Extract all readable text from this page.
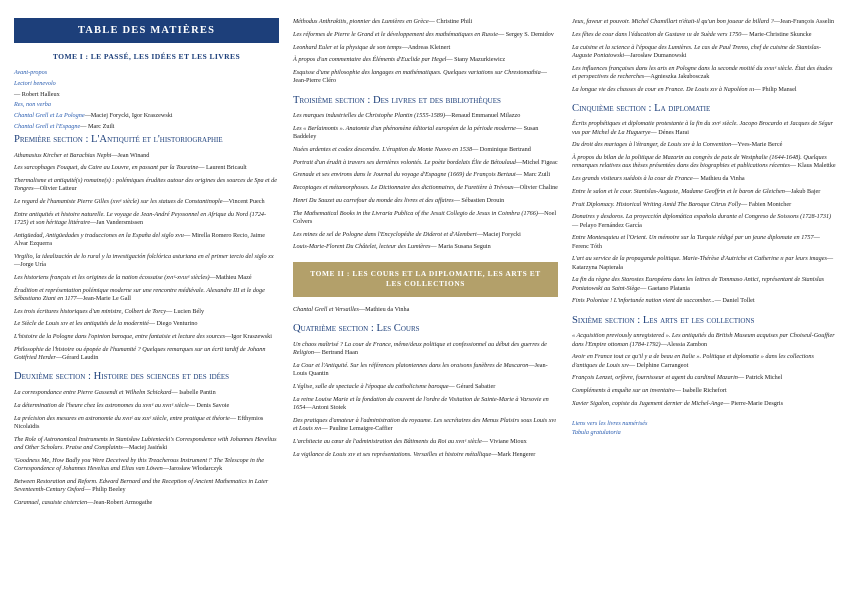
TABLE DES MATIÈRES
TOME I : LE PASSÉ, LES IDÉES ET LES LIVRES
Avant-propos
Lectori benevolo
— Robert Halleux
Res, non verba
Chantal Grell et La Pologne—Maciej Forycki, Igor Kraszewski
Chantal Grell et l'Espagne— Marc Zuili
Première section : L'Antiquité et l'historiographie
Athanasius Kircher et Barachias Nephi—Jean Winand
Les sarcophages Fouquet, du Caire au Louvre, en passant par la Touraine— Laurent Bricault
Thermalisme et antiquité(s) romaine(s) : polémiques érudites autour des origines des sources de Spa et de Tongres—Olivier Latteur
Le regard de l'humaniste Pierre Gilles (xvıᵉ siècle) sur les statues de Constantinople—Vincent Puech
Entre antiquités et histoire naturelle. Le voyage de Jean-André Peyssonnel en Afrique du Nord (1724-1725) et son héritage littéraire—Jan Vandersmissen
Antigüedad, Antigüedades y traducciones en la España del siglo xvıı— Mirella Romero Recio, Jaime Alvar Ezquerra
Virgilio, la idealización de lo rural y la investigación folclórica asturiana en el primer tercio del siglo xx—Jorge Uría
Les historiens français et les origines de la nation écossaise (xvıᵉ-xvıııᵉ siècles)—Mathieu Mazé
Érudition et représentation polémique moderne sur une rencontre médiévale. Alexandre III et le doge Sébastiano Ziani en 1177—Jean-Marie Le Gall
Les trois écritures historiques d'un ministre, Colbert de Torcy— Lucien Bély
Le Siècle de Louis xıv et les antiquités de la modernité— Diego Venturino
L'histoire de la Pologne dans l'opinion baroque, entre fantaisie et lecture des sources—Igor Kraszewski
Philosophie de l'histoire ou épopée de l'humanité ? Quelques remarques sur un écrit tardif de Johann Gottfried Herder—Gérard Laudin
Deuxième section : Histoire des sciences et des idées
La correspondance entre Pierre Gassendi et Wilhelm Schickard— Isabelle Pantin
La détermination de l'heure chez les astronomes du xvııᵉ au xvııᵉ siècle— Denis Savoie
La précision des mesures en astronomie du xvııᵉ au xıxᵉ siècle, entre pratique et théorie— Efthymios Nicolaïdis
The Role of Astronomical Instruments in Stanisław Lubieniecki's Correspondence with Johannes Hevelius and Other Scholars. Praise and Complaints—Maciej Jasiński
'Goodness Me, How Badly you Were Deceived by this Treacherous Instrument !' The Telescope in the Correspondence of Johannes Hevelius and Elias van Löwen—Jarosław Włodarczyk
Between Restoration and Reform. Edward Bernard and the Reception of Ancient Mathematics in Later Seventeenth-Century Oxford— Philip Beeley
Caramuel, casuiste cistercien—Jean-Robert Armogathe
Méthodus Anthrakitis, pionnier des Lumières en Grèce— Christine Phili
Les réformes de Pierre le Grand et le développement des mathématiques en Russie— Sergey S. Demidov
Leonhard Euler et la physique de son temps—Andreas Kleinert
À propos d'un commentaire des Éléments d'Euclide par Hegel— Stany Mazurkiewicz
Esquisse d'une philosophie des langages en mathématiques. Quelques variations sur Chrestomathia—Jean-Pierre Cléro
Troisième section : Des livres et des bibliothèques
Les marques industrielles de Christophe Plantin (1555-1589)—Renaud Emmanuel Milazzo
Les « Berlaimonts ». Anatomie d'un phénomène éditorial européen de la période moderne— Susan Baddeley
Nuées ardentes et codex descendre. L'éruption du Monte Nuovo en 1538— Dominique Bertrand
Portrait d'un érudit à travers ses dernières volontés. Le poète bordelais Élie de Bétoulaud—Michel Figeac
Grenade et ses environs dans le Journal du voyage d'Espagne (1669) de François Bertaut— Marc Zuili
Recopiages et métamorphoses. Le Dictionnaire des dictionnaires, de Furetière à Trévoux—Olivier Chaline
Henri Du Sauzet au carrefour du monde des livres et des affaires— Sébastien Drouin
The Mathematical Books in the Livraria Publica of the Jesuit Collegio de Jesus in Coimbra (1766)—Noel Colvers
Les mines de sel de Pologne dans l'Encyclopédie de Diderot et d'Alembert—Maciej Forycki
Louis-Marie-Florent Du Châtelet, lecteur des Lumières— Maria Susana Seguin
TOME II : LES COURS ET LA DIPLOMATIE, LES ARTS ET LES COLLECTIONS
Chantal Grell et Versailles—Mathieu da Vinha
Quatrième section : Les Cours
Un chaos maîtrisé ? La cour de France, même/deux politique et confessionnel au début des guerres de Religion— Bertrand Haan
La Cour et l'Antiquité. Sur les références platoniennes dans les oraisons funèbres de Mascaron—Jean-Louis Quantin
L'église, salle de spectacle à l'époque du catholicisme baroque— Gérard Sabatier
La reine Louise Marie et la fondation du couvent de l'ordre de Visitation de Sainte-Marie à Varsovie en 1654—Antoni Stoiek
Des pratiques d'amateur à l'administration du royaume. Les secrétaires des Menus Plaisirs sous Louis xvı et Louis xvı— Pauline Lemaigre-Caffier
L'architecte au cœur de l'administration des Bâtiments du Roi au xvııᵉ siècle— Viviane Mioux
La vigilance de Louis xıv et ses représentations. Versailles et histoire métallique—Mark Hengerer
Jeux, faveur et pouvoir. Michel Chamillart n'était-il qu'un bon joueur de billard ?—Jean-François Asselin
Les fêtes de cour dans l'éducation de Gustave ııı de Suède vers 1750— Marie-Christine Skuncke
La cuisine et la science à l'époque des Lumières. Le cas de Paul Tremo, chef de cuisine de Stanislas-Auguste Poniatowski—Jarosław Dumanowski
Les influences françaises dans les arts en Pologne dans la seconde moitié du xvıııᵉ siècle. État des études et perspectives de recherches—Agnieszka Jakubosczak
La longue vie des chasses de cour en France. De Louis xıv à Napoléon ııı— Philip Mansel
Cinquième section : La diplomatie
Écrits prophétiques et diplomatie protestante à la fin du xvıᵉ siècle. Jacopo Brocardo et Jacques de Ségur vus par Michel de La Huguerye— Dénes Harai
Du droit des mariages à l'étranger, de Louis xıv à la Convention—Yves-Marie Bercé
À propos du bilan de la politique de Mazarin au congrès de paix de Westphalie (1644-1648). Quelques remarques relatives aux thèses présentées dans des biographies et publications récentes— Klaus Malettke
Les grands visiteurs suédois à la cour de France— Mathieu da Vinha
Entre le salon et le cour. Stanislas-Auguste, Madame Geoffrin et le baron de Gleichen—Jakub Bajer
Fruit Diplomacy. Historical Writing Amid The Baroque Citrus Folly— Fabien Montcher
Donaires y desdoros. La proyección diplomática española durante el Congreso de Soissons (1728-1731)— Pelayo Fernández García
Entre Montesquieu et l'Orient. Un mémoire sur la Turquie rédigé par un jeune diplomate en 1757— Ferenc Tóth
L'art au service de la propagande politique. Marie-Thérèse d'Autriche et Catherine ıı par leurs images— Katarzyna Napierała
La fin du règne des Starostes Européens dans les lettres de Tommaso Antici, représentant de Stanislas Poniatowski au Saint-Siège— Gaetano Platania
Finis Poloniae ! L'infortunée nation vient de succomber...— Daniel Tollet
Sixième section : Les arts et les collections
« Acquisition previously unregistered ». Les antiquités du British Museum acquises par Choiseul-Gouffier dans l'Empire ottoman (1784-1792)—Alessia Zambon
Avoir en France tout ce qu'il y a de beau en Italie ». Politique et diplomatie » dans les collections d'antiques de Louis xıv— Delphine Carrangeot
François Lenzet, orfèvre, fournisseur et agent du cardinal Mazarin— Patrick Michel
Compléments à enquête sur un inventaire— Isabelle Richefort
Xavier Sigalon, copiste du Jugement dernier de Michel-Ange— Pierre-Marie Desgris
Liens vers les livres numérisés
Tabula gratulatoria
